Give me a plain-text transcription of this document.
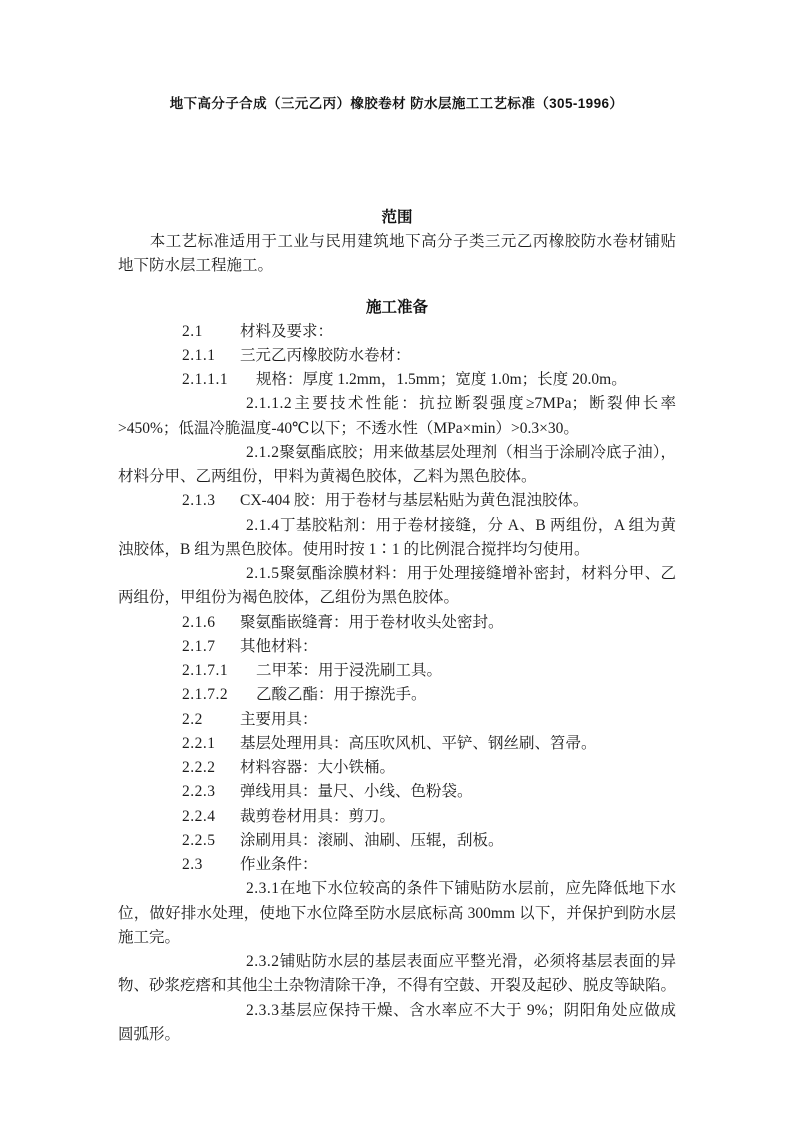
地下高分子合成（三元乙丙）橡胶卷材 防水层施工工艺标准（305-1996）
范围

本工艺标准适用于工业与民用建筑地下高分子类三元乙丙橡胶防水卷材铺贴地下防水层工程施工。

施工准备

2.1 材料及要求：

2.1.1 三元乙丙橡胶防水卷材：

2.1.1.1 规格：厚度 1.2mm，1.5mm；宽度 1.0m；长度 20.0m。

2.1.1.2主要技术性能：抗拉断裂强度≥7MPa；断裂伸长率>450%；低温冷脆温度-40℃以下；不透水性（MPa×min）>0.3×30。

2.1.2聚氨酯底胶；用来做基层处理剂（相当于涂刷冷底子油），材料分甲、乙两组份，甲料为黄褐色胶体，乙料为黑色胶体。

2.1.3 CX-404 胶：用于卷材与基层粘贴为黄色混浊胶体。

2.1.4丁基胶粘剂：用于卷材接缝，分 A、B 两组份，A 组为黄浊胶体，B 组为黑色胶体。使用时按 1∶1 的比例混合搅拌均匀使用。

2.1.5聚氨酯涂膜材料：用于处理接缝增补密封，材料分甲、乙两组份，甲组份为褐色胶体，乙组份为黑色胶体。

2.1.6 聚氨酯嵌缝膏：用于卷材收头处密封。

2.1.7 其他材料：

2.1.7.1 二甲苯：用于浸洗刷工具。

2.1.7.2 乙酸乙酯：用于擦洗手。

2.2 主要用具：

2.2.1 基层处理用具：高压吹风机、平铲、钢丝刷、笤帚。

2.2.2 材料容器：大小铁桶。

2.2.3 弹线用具：量尺、小线、色粉袋。

2.2.4 裁剪卷材用具：剪刀。

2.2.5 涂刷用具：滚刷、油刷、压辊，刮板。

2.3 作业条件：

2.3.1在地下水位较高的条件下铺贴防水层前，应先降低地下水位，做好排水处理，使地下水位降至防水层底标高 300mm 以下，并保护到防水层施工完。

2.3.2铺贴防水层的基层表面应平整光滑，必须将基层表面的异物、砂浆疙瘩和其他尘土杂物清除干净，不得有空鼓、开裂及起砂、脱皮等缺陷。

2.3.3基层应保持干燥、含水率应不大于 9%；阴阳角处应做成圆弧形。
